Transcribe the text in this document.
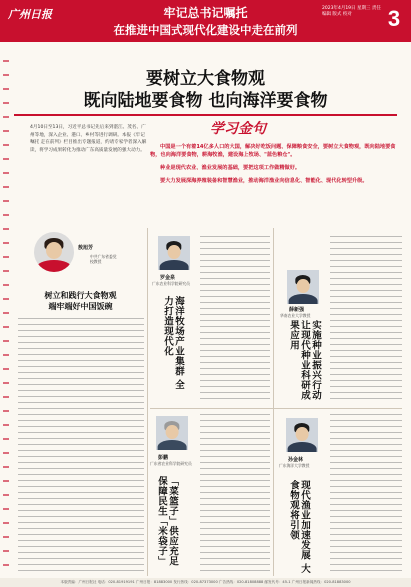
广州日报	牢记总书记嘱托
在推进中国式现代化建设中走在前列
2023年4月19日 星期三 责任编辑 版式 校对	3
要树立大食物观
既向陆地要食物 也向海洋要食物
4月10日至13日，习近平总书记先后来到湛江、茂名、广州等地，深入企业、港口、乡村等进行调研。本报《牢记嘱托 走在前列》栏目推出专题报道，约请专家学者深入解读，将学习成果转化为推动广东高质量发展的强大动力。
学习金句

中国是一个有着14亿多人口的大国，解决好吃饭问题、保障粮食安全，要树立大食物观，既向陆地要食物，也向海洋要食物，耕海牧渔，建设海上牧场、"蓝色粮仓"。

种业是现代农业、渔业发展的基础，要把这项工作做精做好。

要大力发展深海养殖装备和智慧渔业，推动海洋渔业向信息化、智能化、现代化转型升级。

敖旭芳
中共广东省委党校教授
树立和践行大食物观
端牢端好中国饭碗
罗金泉
广东农业科学院研究员
海洋牧场产业集群 全力打造现代化	薛新强
华南农业大学教授
实施种业振兴行动 让现代种业科研成果应用
彭鹏
广东省农业科学院研究员
「菜篮子」供应充足 保障民生「米袋子」
孙金林
广东海洋大学教授
现代渔业加速发展 大食物观将引领
本版责编：广州日报社 电话：020-81919191 广州日报：81883000 发行热线：020-87373000 广告热线：020-81808888 邮发代号：45-1 广州日报新闻热线：020-81883000
